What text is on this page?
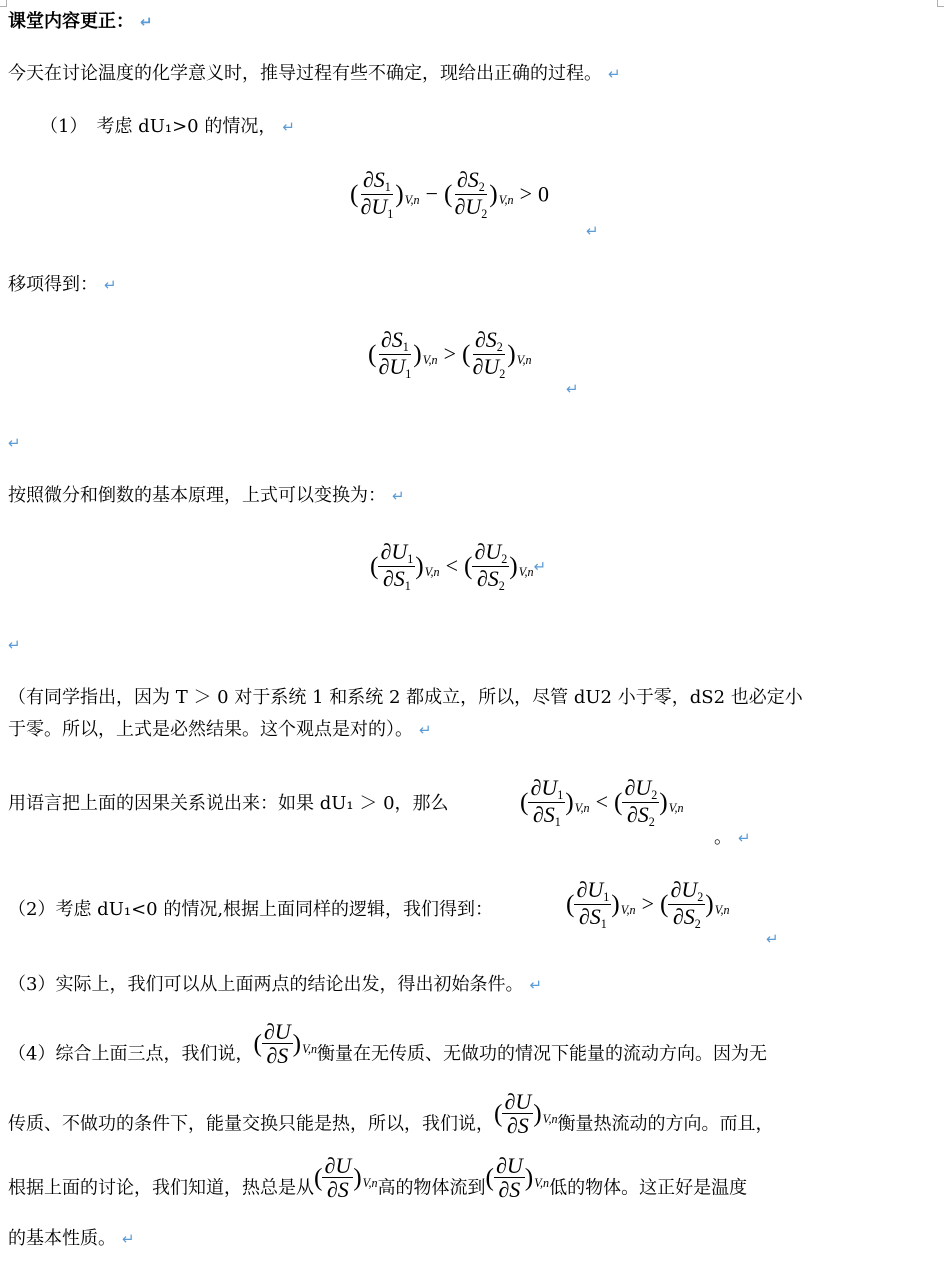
课堂内容更正： ↵
今天在讨论温度的化学意义时，推导过程有些不确定，现给出正确的过程。 ↵
（1）　考虑 dU₁>0 的情况， ↵
( $\frac{\partial S_1}{\partial U_1} )_{V,n}$ − ( $\frac{\partial S_2}{\partial U_2} )_{V,n} > 0$
↵
移项得到： ↵
( $\frac{\partial S_1}{\partial U_1} )_{V,n}$ > ( $\frac{\partial S_2}{\partial U_2} )_{V,n}$
↵
↵
按照微分和倒数的基本原理，上式可以变换为： ↵
( $\frac{\partial U_1}{\partial S_1} )_{V,n}$ < ( $\frac{\partial U_2}{\partial S_2}$ )$_{V,n}↵$
↵
（有同学指出，因为 T ＞ 0 对于系统 1 和系统 2 都成立，所以，尽管 dU2 小于零，dS2 也必定小
于零。所以，上式是必然结果。这个观点是对的）。 ↵
用语言把上面的因果关系说出来：如果 dU₁ ＞ 0，那么	( $\frac{\partial U_1}{\partial S_1} )_{V,n}$ < ( $\frac{\partial U_2}{\partial S_2} )_{V,n}$
。 ↵
（2）考虑 dU₁<0 的情况,根据上面同样的逻辑，我们得到：	( $\frac{\partial U_1}{\partial S_1} )_{V,n}$ > ( $\frac{\partial U_2}{\partial S_2} )_{V,n}$
↵
（3）实际上，我们可以从上面两点的结论出发，得出初始条件。 ↵
（4）综合上面三点，我们说，( $\frac{\partial U}{\partial S} )_{V,n}$衡量在无传质、无做功的情况下能量的流动方向。因为无
传质、不做功的条件下，能量交换只能是热，所以，我们说，( $\frac{\partial U}{\partial S} )_{V,n}$衡量热流动的方向。而且，
根据上面的讨论，我们知道，热总是从( $\frac{\partial U}{\partial S} )_{V,n}$高的物体流到( $\frac{\partial U}{\partial S} )_{V,n}$低的物体。这正好是温度
的基本性质。 ↵
